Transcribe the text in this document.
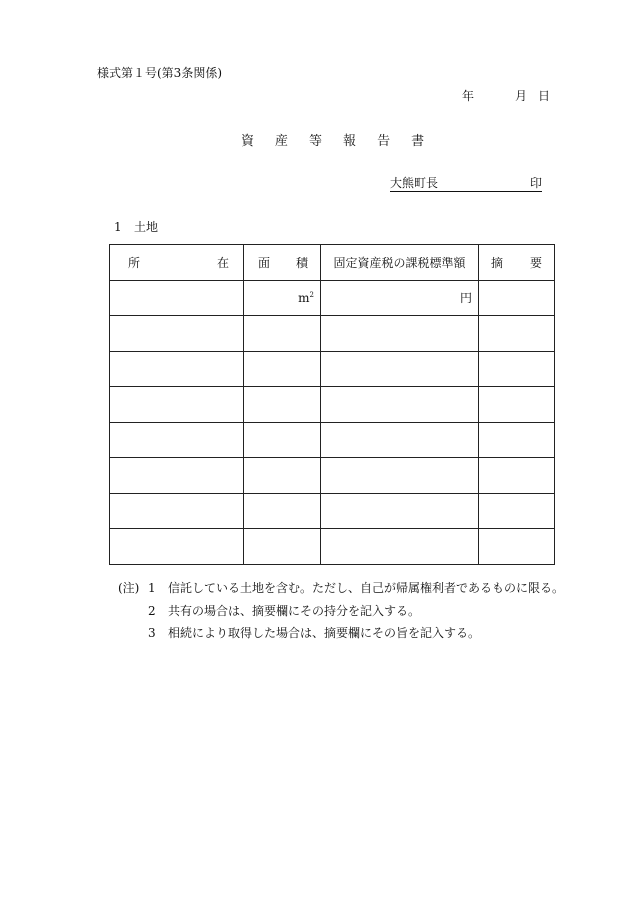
様式第１号(第3条関係)
年	月 日
資 産 等 報 告 書
大熊町長	印
1 土地
所 在	面 積	固定資産税の課税標準額	摘 要

	$m^2$	円	

(注) 1	信託している土地を含む。ただし、自己が帰属権利者であるものに限る。
2	共有の場合は、摘要欄にその持分を記入する。
3	相続により取得した場合は、摘要欄にその旨を記入する。
